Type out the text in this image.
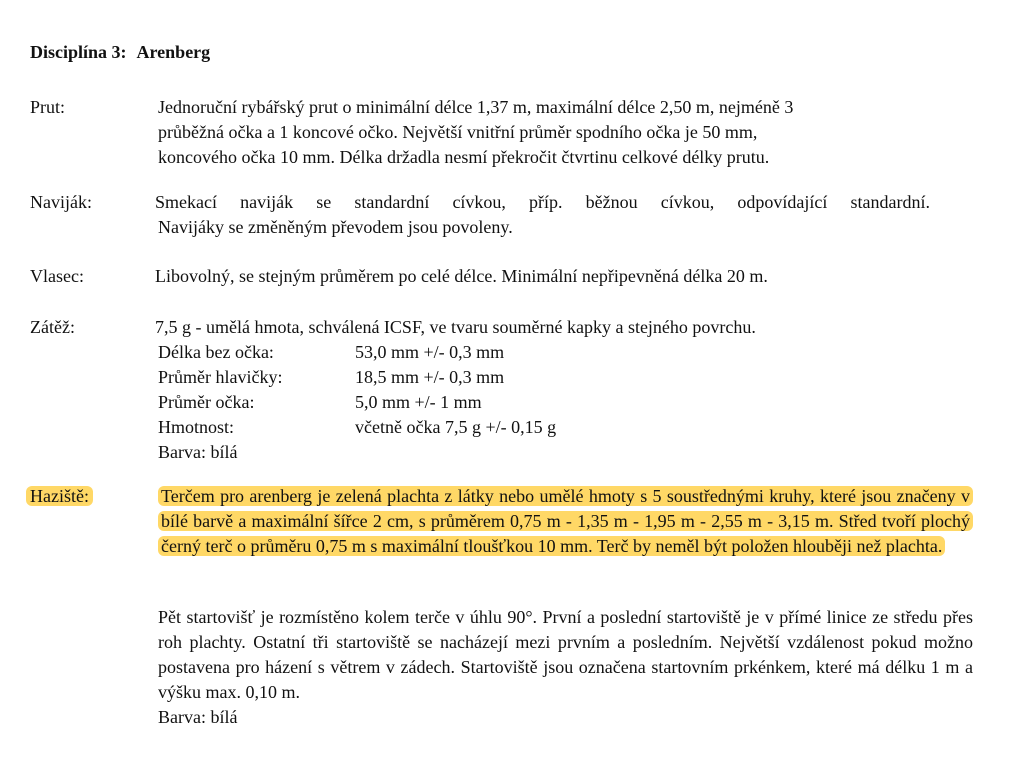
Disciplína 3: Arenberg
Prut:	Jednoruční rybářský prut o minimální délce 1,37 m, maximální délce 2,50 m, nejméně 3
průběžná očka a 1 koncové očko. Největší vnitřní průměr spodního očka je 50 mm,
koncového očka 10 mm. Délka držadla nesmí překročit čtvrtinu celkové délky prutu.
Naviják:	Smekací naviják se standardní cívkou, příp. běžnou cívkou, odpovídající standardní.
Navijáky se změněným převodem jsou povoleny.
Vlasec:	Libovolný, se stejným průměrem po celé délce. Minimální nepřipevněná délka 20 m.
Zátěž:	7,5 g - umělá hmota, schválená ICSF, ve tvaru souměrné kapky a stejného povrchu.
Délka bez očka:	53,0 mm +/- 0,3 mm
Průměr hlavičky:	18,5 mm +/- 0,3 mm
Průměr očka:	5,0 mm +/- 1 mm
Hmotnost:	včetně očka 7,5 g +/- 0,15 g
Barva: bílá
Haziště:	Terčem pro arenberg je zelená plachta z látky nebo umělé hmoty s 5 soustřednými kruhy, které jsou značeny v bílé barvě a maximální šířce 2 cm, s průměrem 0,75 m - 1,35 m - 1,95 m - 2,55 m - 3,15 m. Střed tvoří plochý černý terč o průměru 0,75 m s maximální tloušťkou 10 mm. Terč by neměl být položen hlouběji než plachta.
Pět startovišť je rozmístěno kolem terče v úhlu 90°. První a poslední startoviště je v přímé linice ze středu přes roh plachty. Ostatní tři startoviště se nacházejí mezi prvním a posledním. Největší vzdálenost pokud možno postavena pro házení s větrem v zádech. Startoviště jsou označena startovním prkénkem, které má délku 1 m a výšku max. 0,10 m.
Barva: bílá
